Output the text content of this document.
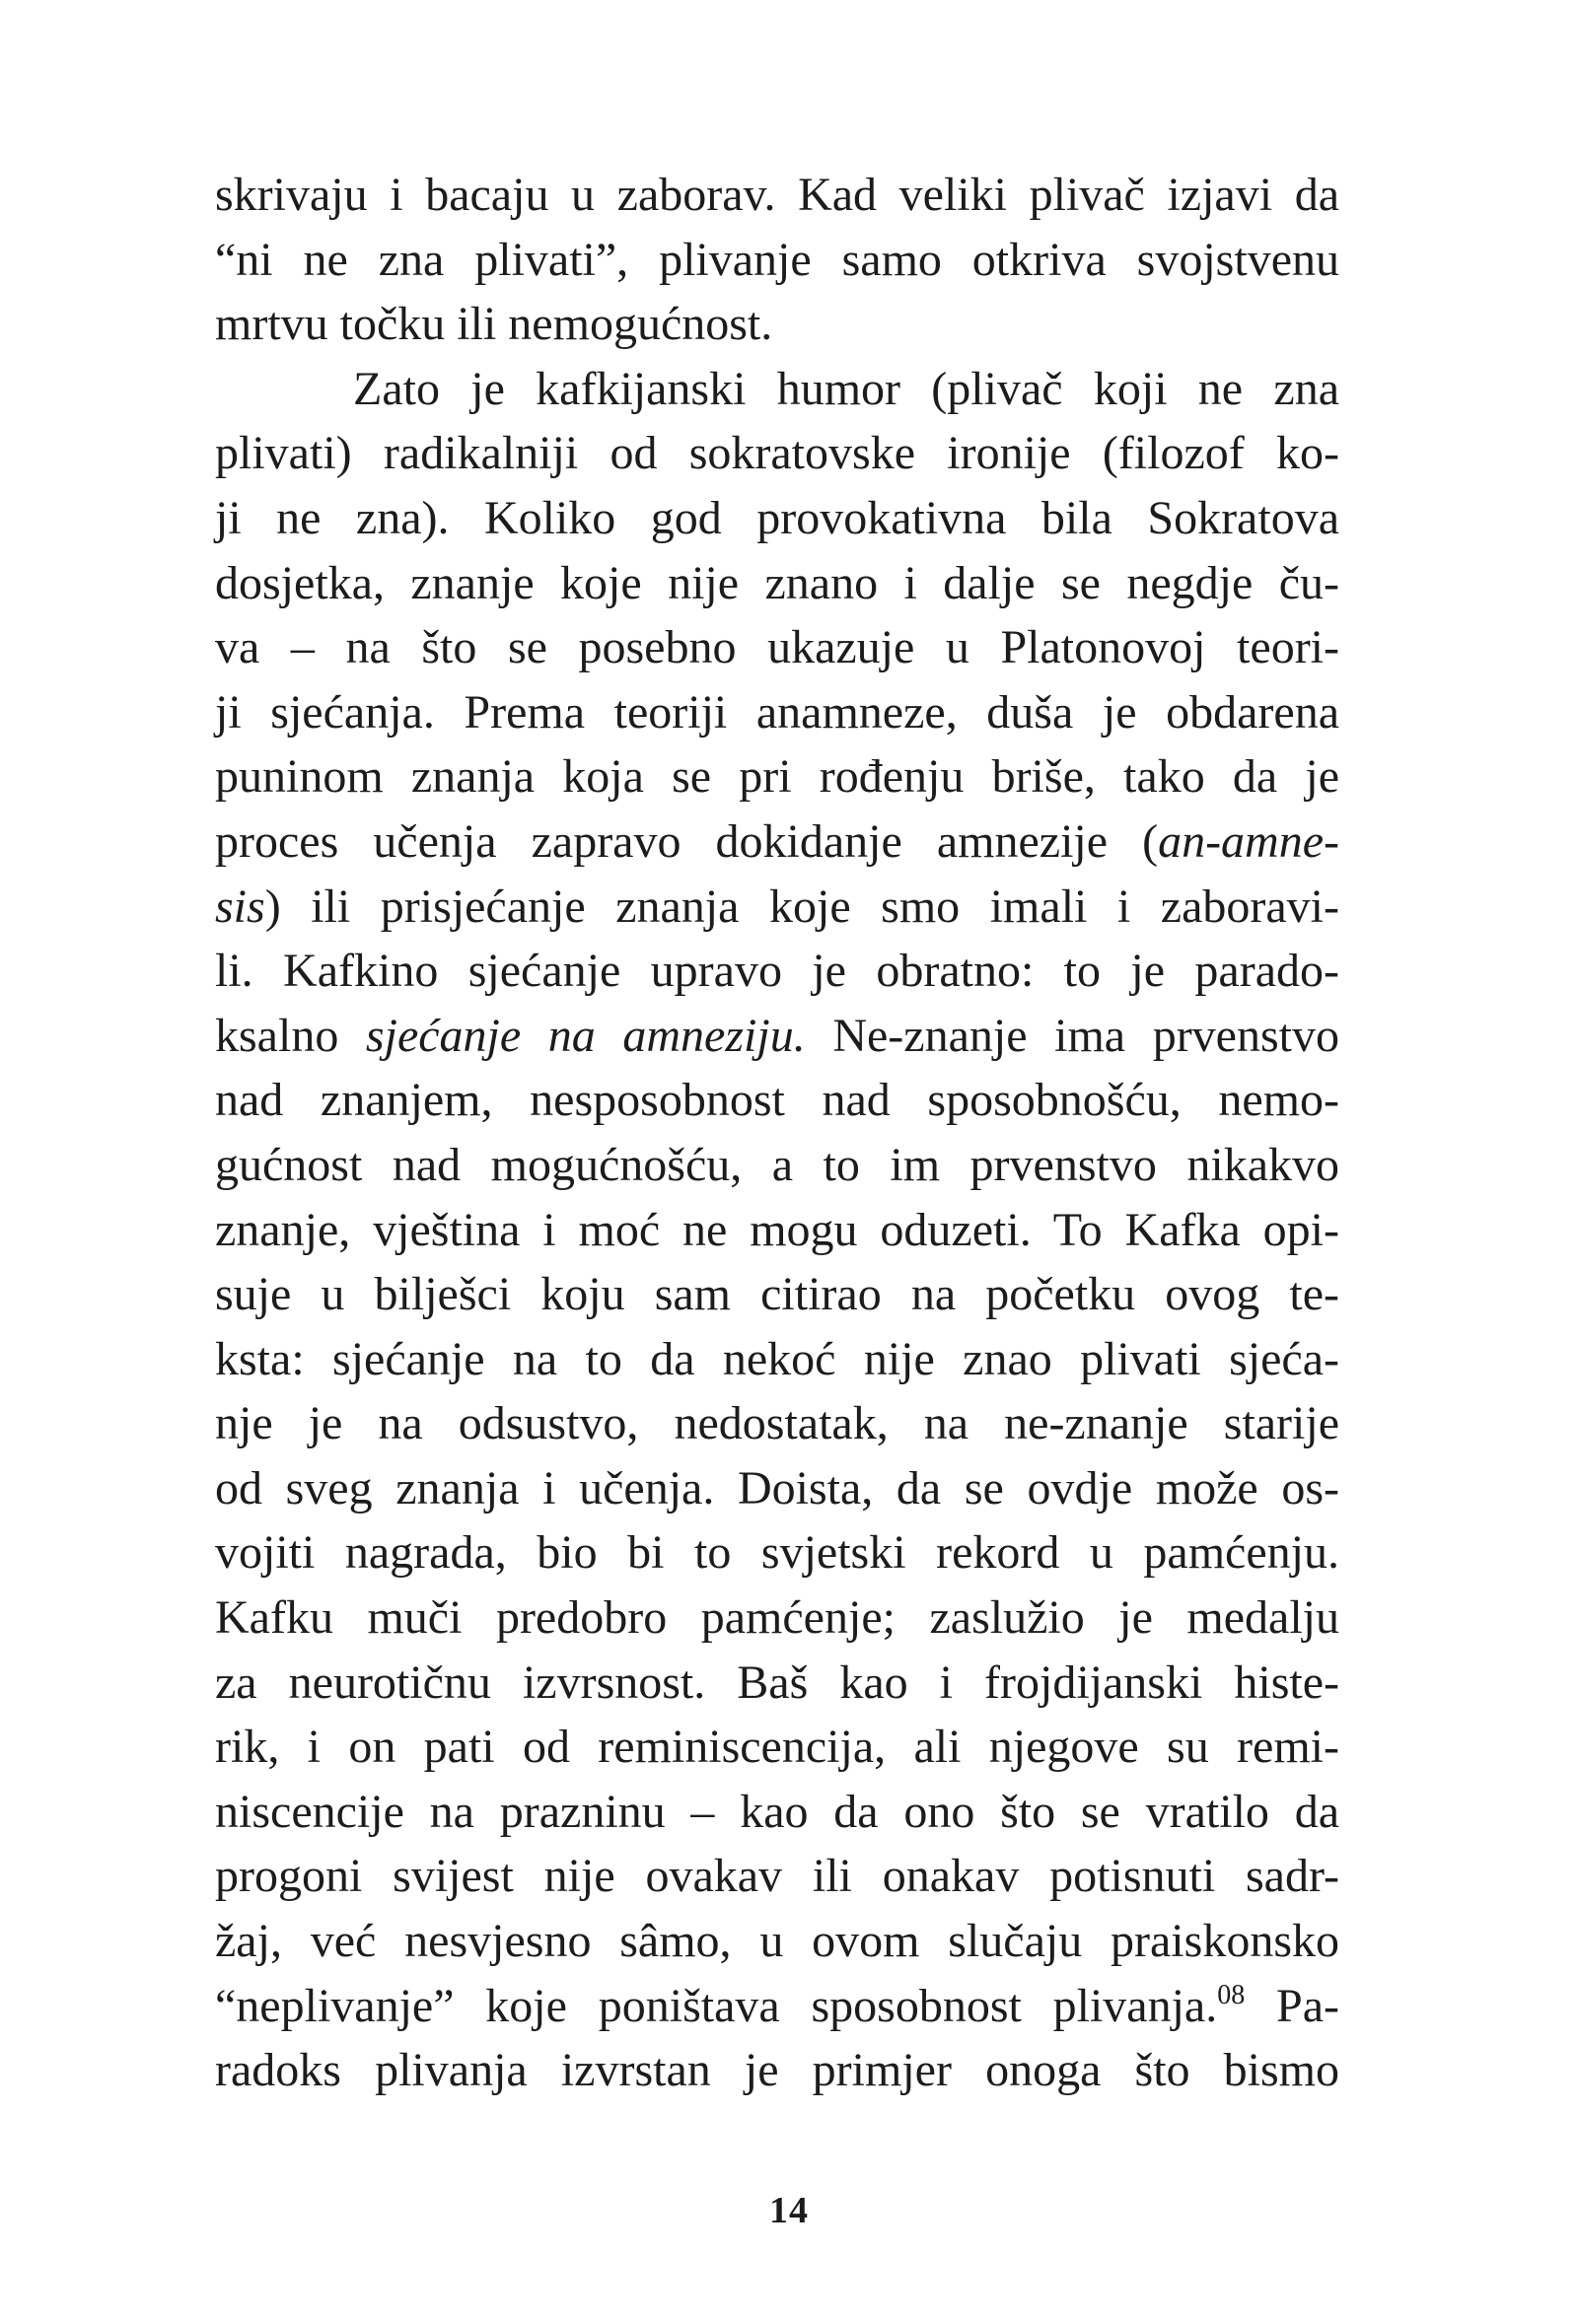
skrivaju i bacaju u zaborav. Kad veliki plivač izjavi da
“ni ne zna plivati”, plivanje samo otkriva svojstvenu
mrtvu točku ili nemogućnost.
Zato je kafkijanski humor (plivač koji ne zna
plivati) radikalniji od sokratovske ironije (filozof ko-
ji ne zna). Koliko god provokativna bila Sokratova
dosjetka, znanje koje nije znano i dalje se negdje ču-
va – na što se posebno ukazuje u Platonovoj teori-
ji sjećanja. Prema teoriji anamneze, duša je obdarena
puninom znanja koja se pri rođenju briše, tako da je
proces učenja zapravo dokidanje amnezije (an-amne-
sis) ili prisjećanje znanja koje smo imali i zaboravi-
li. Kafkino sjećanje upravo je obratno: to je parado-
ksalno sjećanje na amneziju. Ne-znanje ima prvenstvo
nad znanjem, nesposobnost nad sposobnošću, nemo-
gućnost nad mogućnošću, a to im prvenstvo nikakvo
znanje, vještina i moć ne mogu oduzeti. To Kafka opi-
suje u bilješci koju sam citirao na početku ovog te-
ksta: sjećanje na to da nekoć nije znao plivati sjeća-
nje je na odsustvo, nedostatak, na ne-znanje starije
od sveg znanja i učenja. Doista, da se ovdje može os-
vojiti nagrada, bio bi to svjetski rekord u pamćenju.
Kafku muči predobro pamćenje; zaslužio je medalju
za neurotičnu izvrsnost. Baš kao i frojdijanski histe-
rik, i on pati od reminiscencija, ali njegove su remi-
niscencije na prazninu – kao da ono što se vratilo da
progoni svijest nije ovakav ili onakav potisnuti sadr-
žaj, već nesvjesno sâmo, u ovom slučaju praiskonsko
“neplivanje” koje poništava sposobnost plivanja.$^{08}$ Pa-
radoks plivanja izvrstan je primjer onoga što bismo
14
